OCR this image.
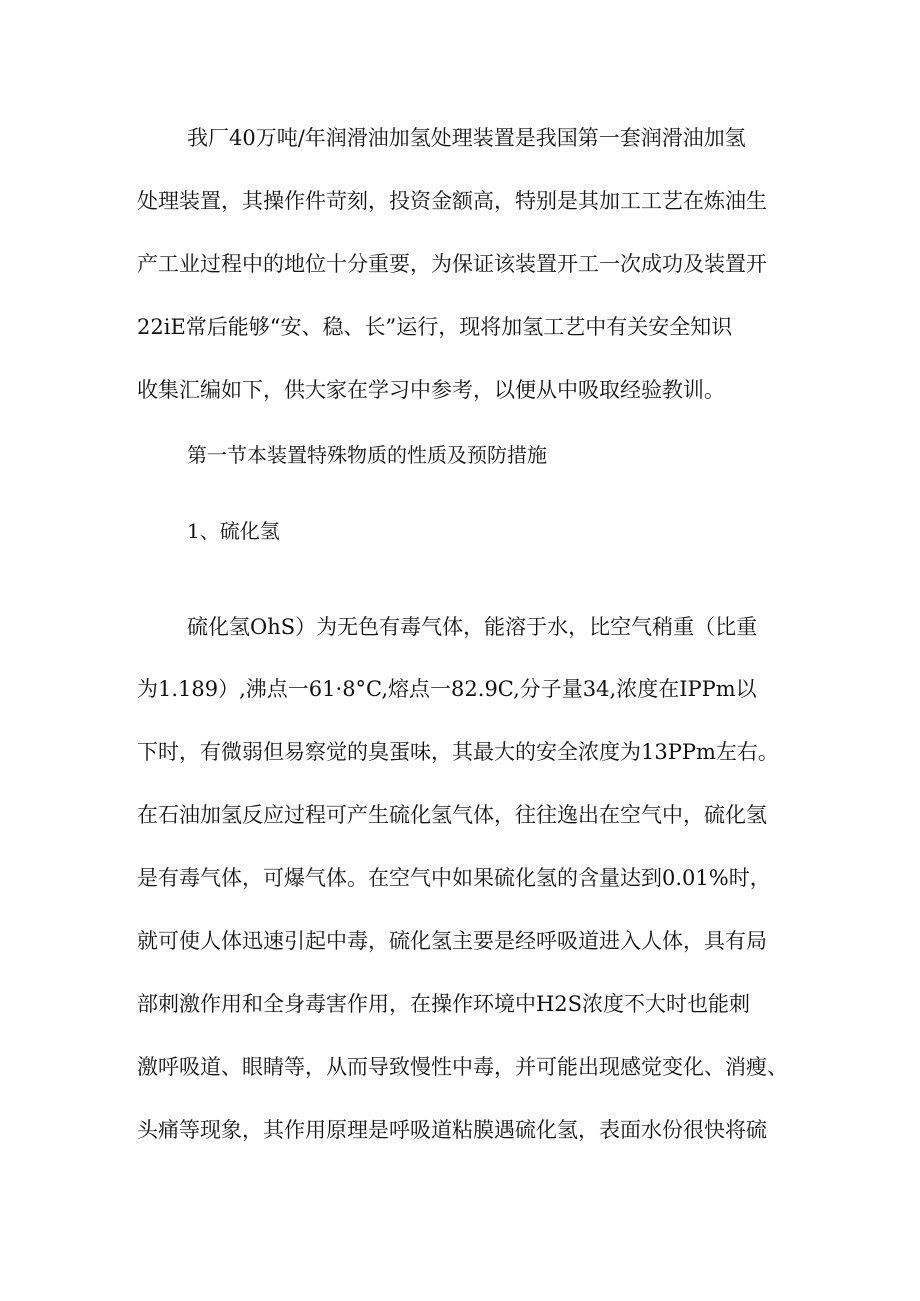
我厂40万吨/年润滑油加氢处理装置是我国第一套润滑油加氢
处理装置，其操作件苛刻，投资金额高，特别是其加工工艺在炼油生
产工业过程中的地位十分重要，为保证该装置开工一次成功及装置开
22iE常后能够“安、稳、长”运行，现将加氢工艺中有关安全知识
收集汇编如下，供大家在学习中参考，以便从中吸取经验教训。
第一节本装置特殊物质的性质及预防措施
1、硫化氢
硫化氢OhS）为无色有毒气体，能溶于水，比空气稍重（比重
为1.189）,沸点一61·8°C,熔点一82.9C,分子量34,浓度在IPPm以
下时，有微弱但易察觉的臭蛋味，其最大的安全浓度为13PPm左右。
在石油加氢反应过程可产生硫化氢气体，往往逸出在空气中，硫化氢
是有毒气体，可爆气体。在空气中如果硫化氢的含量达到0.01%时，
就可使人体迅速引起中毒，硫化氢主要是经呼吸道进入人体，具有局
部刺激作用和全身毒害作用，在操作环境中H2S浓度不大时也能刺
激呼吸道、眼睛等，从而导致慢性中毒，并可能出现感觉变化、消瘦、
头痛等现象，其作用原理是呼吸道粘膜遇硫化氢，表面水份很快将硫
